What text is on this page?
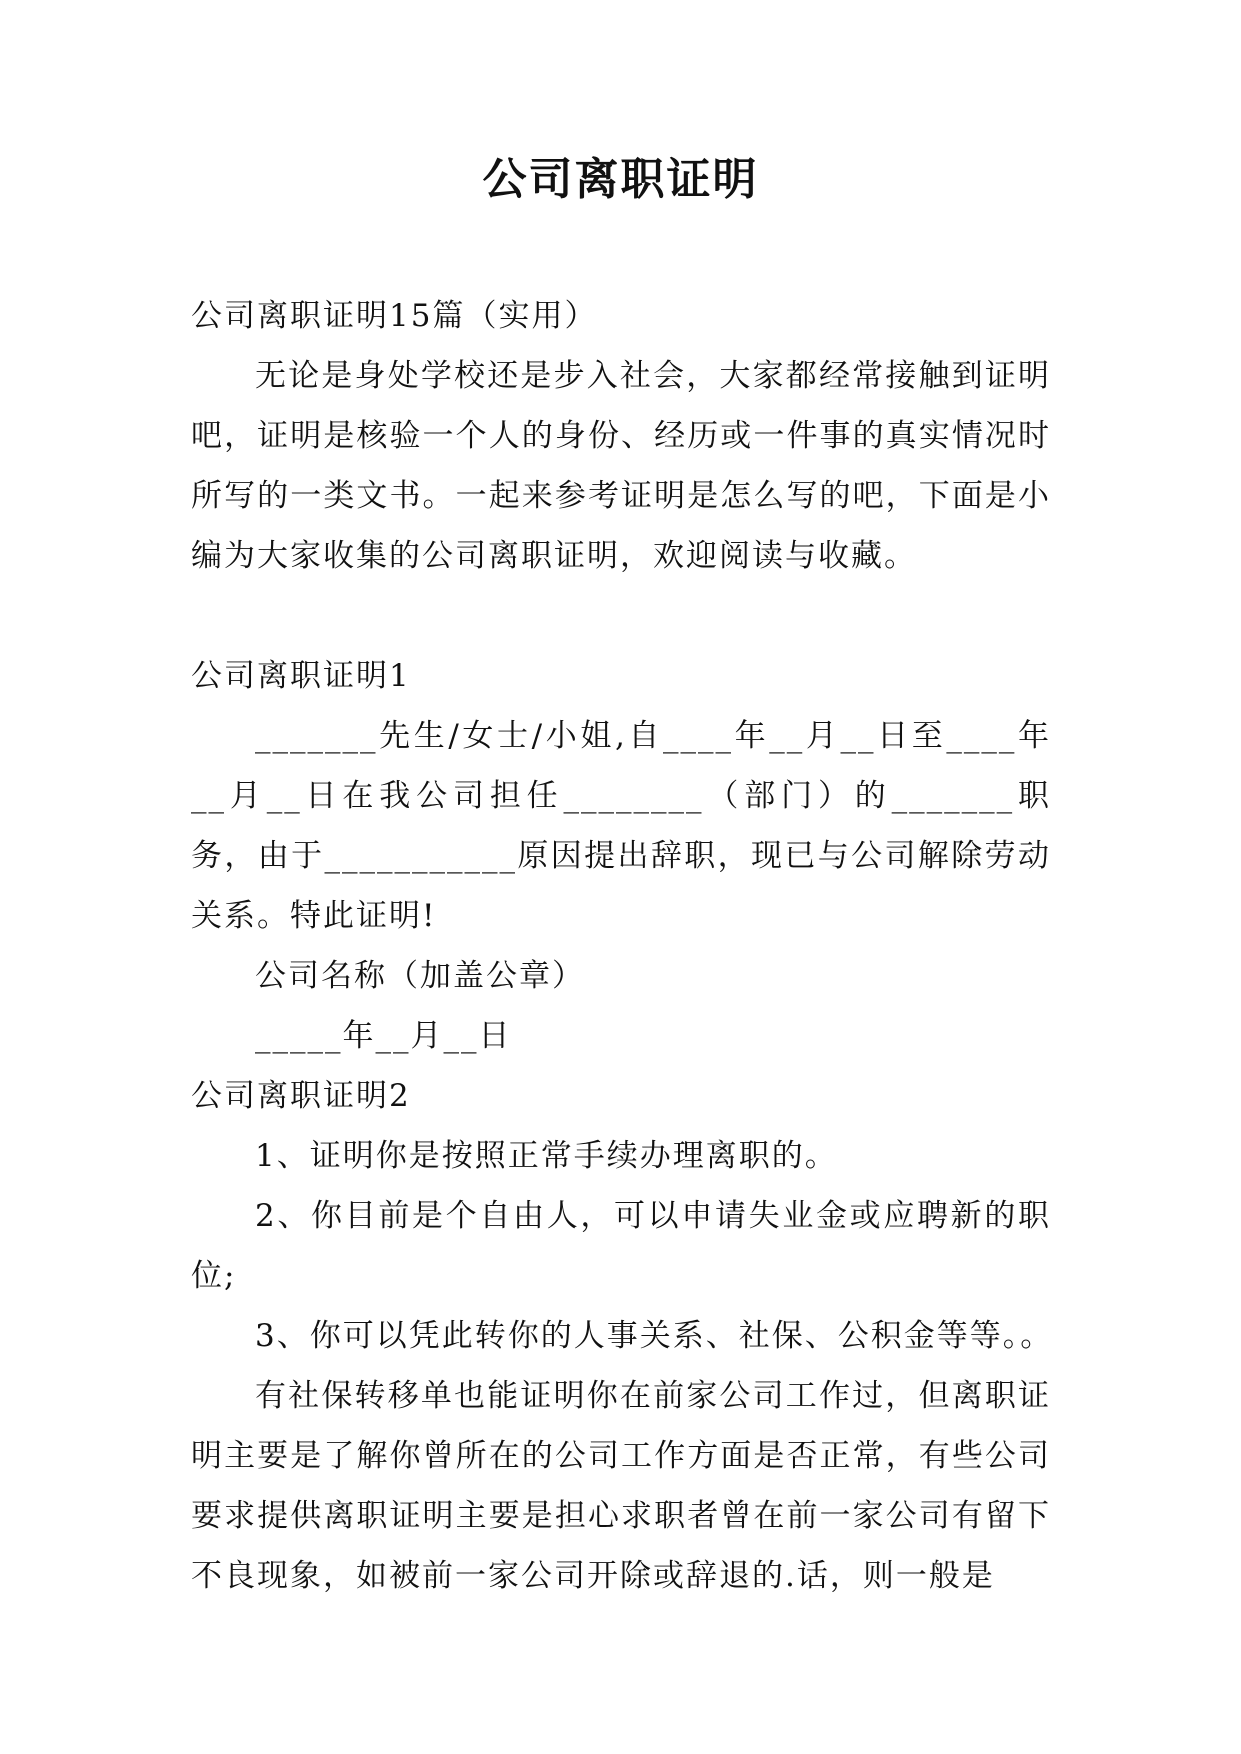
公司离职证明

公司离职证明15篇（实用）

无论是身处学校还是步入社会，大家都经常接触到证明吧，证明是核验一个人的身份、经历或一件事的真实情况时所写的一类文书。一起来参考证明是怎么写的吧，下面是小编为大家收集的公司离职证明，欢迎阅读与收藏。

公司离职证明1

_______先生/女士/小姐,自____年__月__日至____年__月__日在我公司担任________（部门）的_______职务，由于___________原因提出辞职，现已与公司解除劳动关系。特此证明!

公司名称（加盖公章）

_____年__月__日

公司离职证明2

1、证明你是按照正常手续办理离职的。

2、你目前是个自由人，可以申请失业金或应聘新的职位;

3、你可以凭此转你的人事关系、社保、公积金等等。。

有社保转移单也能证明你在前家公司工作过，但离职证明主要是了解你曾所在的公司工作方面是否正常，有些公司要求提供离职证明主要是担心求职者曾在前一家公司有留下不良现象，如被前一家公司开除或辞退的.话，则一般是
